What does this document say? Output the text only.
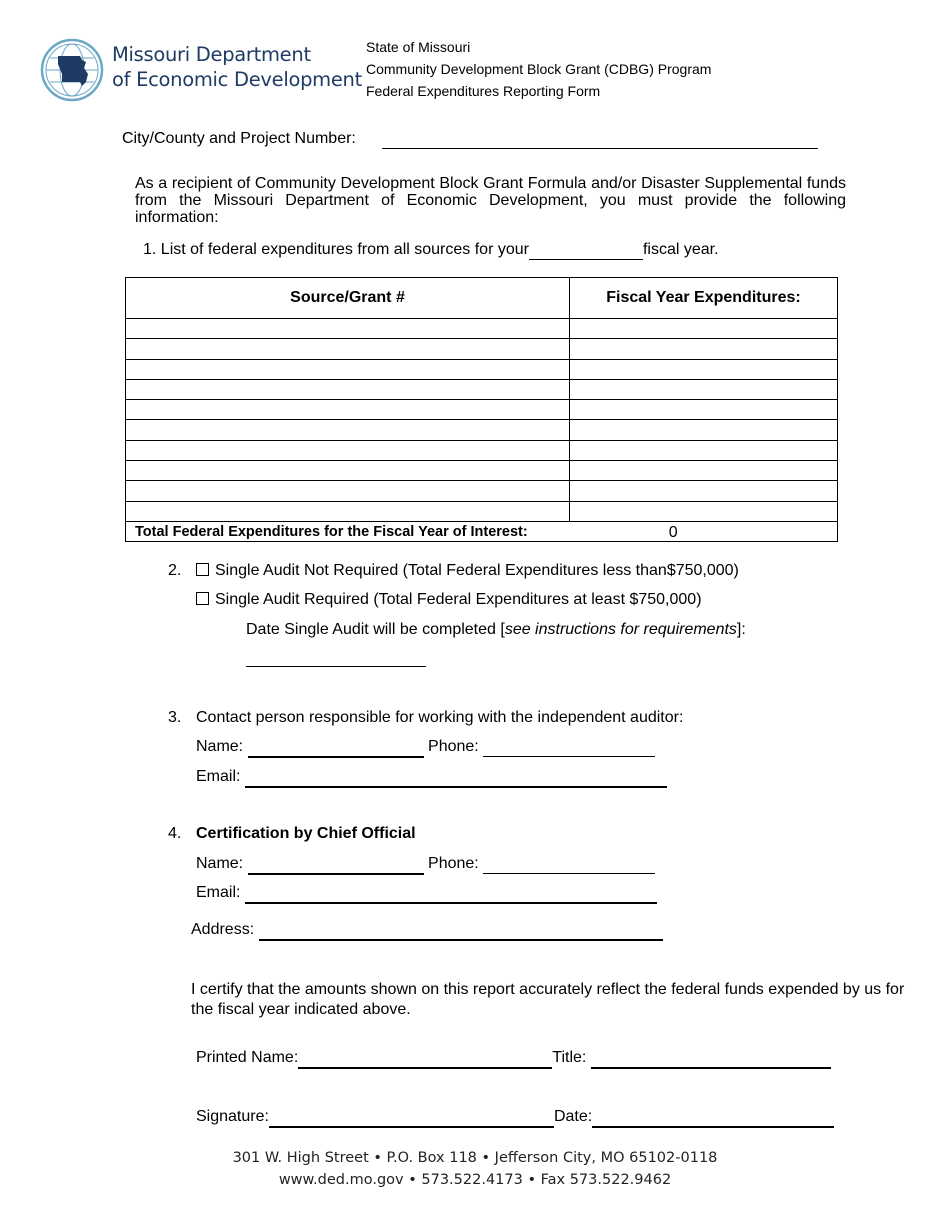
Missouri Department
of Economic Development
State of Missouri
Community Development Block Grant (CDBG) Program
Federal Expenditures Reporting Form
City/County and Project Number:
As a recipient of Community Development Block Grant Formula and/or Disaster Supplemental funds from the Missouri Department of Economic Development, you must provide the following information:
1. List of federal expenditures from all sources for your	fiscal year.
Source/Grant #	Fiscal Year Expenditures:

Total Federal Expenditures for the Fiscal Year of Interest:	0
2.	Single Audit Not Required (Total Federal Expenditures less than$750,000)
Single Audit Required (Total Federal Expenditures at least $750,000)
Date Single Audit will be completed [see instructions for requirements]:
3. Contact person responsible for working with the independent auditor:
Name:	Phone:
Email:
4. Certification by Chief Official
Name:	Phone:
Email:
Address:
I certify that the amounts shown on this report accurately reflect the federal funds expended by us for the fiscal year indicated above.
Printed Name:	Title:
Signature:	Date:
301 W. High Street • P.O. Box 118 • Jefferson City, MO 65102-0118
www.ded.mo.gov • 573.522.4173 • Fax 573.522.9462
